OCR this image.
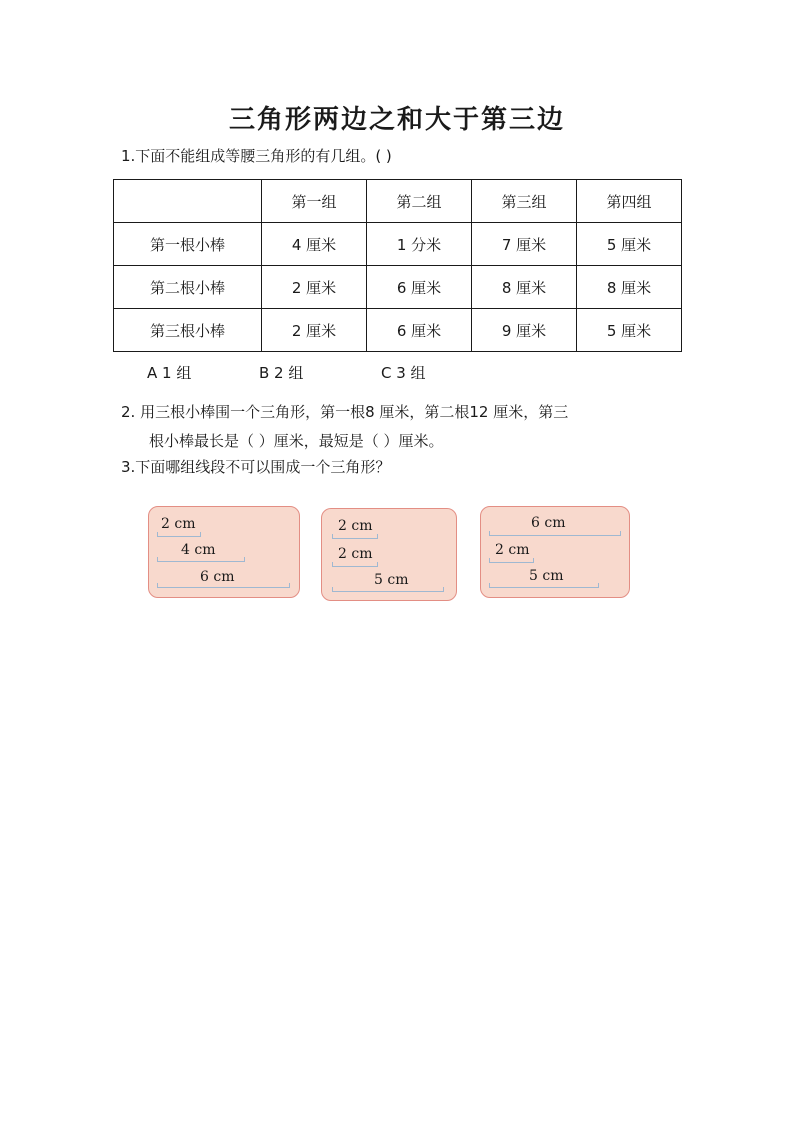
三角形两边之和大于第三边
1.下面不能组成等腰三角形的有几组。( )
	第一组	第二组	第三组	第四组
第一根小棒	4 厘米	1 分米	7 厘米	5 厘米
第二根小棒	2 厘米	6 厘米	8 厘米	8 厘米
第三根小棒	2 厘米	6 厘米	9 厘米	5 厘米
A 1 组	B 2 组	C 3 组
2. 用三根小棒围一个三角形，第一根8 厘米，第二根12 厘米，第三
根小棒最长是（ ）厘米，最短是（ ）厘米。
3.下面哪组线段不可以围成一个三角形？
2 cm
4 cm
6 cm
2 cm
2 cm
5 cm
6 cm
2 cm
5 cm
